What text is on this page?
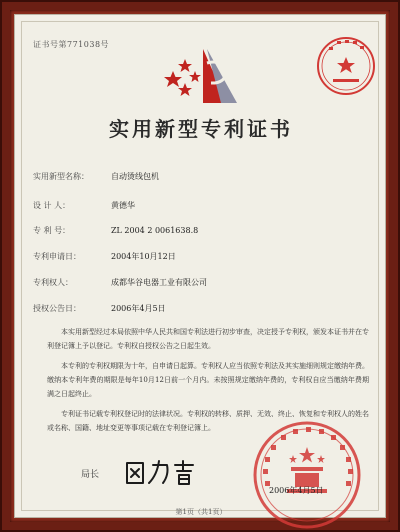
证书号第771038号
实用新型专利证书
实用新型名称：	自动烫线包机
设 计 人：	黄德华
专 利 号：	ZL 2004 2 0061638.8
专利申请日：	2004年10月12日
专利权人：	成都华谷电器工业有限公司
授权公告日：	2006年4月5日

本实用新型经过本局依照中华人民共和国专利法进行初步审查，决定授予专利权，颁发本证书并在专利登记簿上予以登记。专利权自授权公告之日起生效。

本专利的专利权期限为十年，自申请日起算。专利权人应当依照专利法及其实施细则规定缴纳年费。缴纳本专利年费的期限是每年10月12日前一个月内。未按照规定缴纳年费的，专利权自应当缴纳年费期满之日起终止。

专利证书记载专利权登记时的法律状况。专利权的转移、质押、无效、终止、恢复和专利权人的姓名或名称、国籍、地址变更等事项记载在专利登记簿上。

局长
2006年4月5日
第1页（共1页）
